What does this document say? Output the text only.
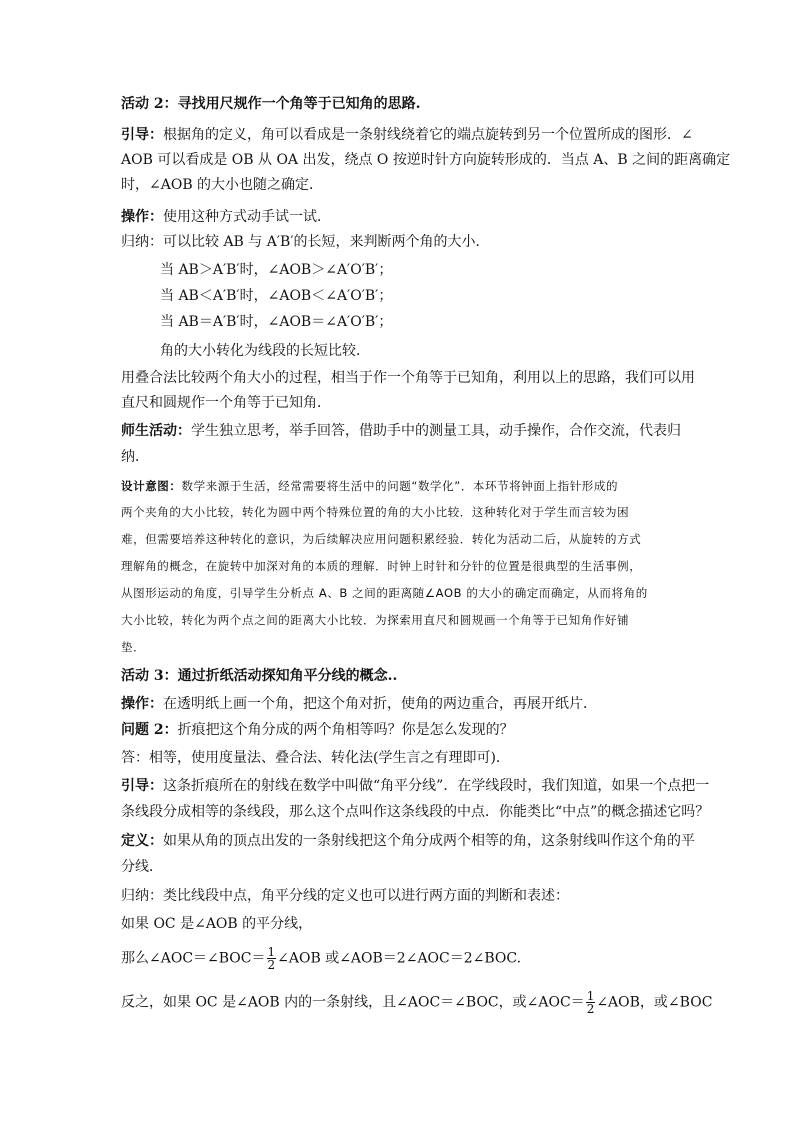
活动 2：寻找用尺规作一个角等于已知角的思路.
引导：根据角的定义，角可以看成是一条射线绕着它的端点旋转到另一个位置所成的图形．∠
AOB 可以看成是 OB 从 OA 出发，绕点 O 按逆时针方向旋转形成的．当点 A、B 之间的距离确定
时，∠AOB 的大小也随之确定．
操作：使用这种方式动手试一试．
归纳：可以比较 AB 与 A′B′的长短，来判断两个角的大小．
当 AB＞A′B′时，∠AOB＞∠A′O′B′；
当 AB＜A′B′时，∠AOB＜∠A′O′B′；
当 AB＝A′B′时，∠AOB＝∠A′O′B′；
角的大小转化为线段的长短比较．
用叠合法比较两个角大小的过程，相当于作一个角等于已知角，利用以上的思路，我们可以用
直尺和圆规作一个角等于已知角．
师生活动：学生独立思考，举手回答，借助手中的测量工具，动手操作，合作交流，代表归
纳．
设计意图：数学来源于生活，经常需要将生活中的问题“数学化”．本环节将钟面上指针形成的
两个夹角的大小比较，转化为圆中两个特殊位置的角的大小比较．这种转化对于学生而言较为困
难，但需要培养这种转化的意识，为后续解决应用问题积累经验．转化为活动二后，从旋转的方式
理解角的概念，在旋转中加深对角的本质的理解．时钟上时针和分针的位置是很典型的生活事例，
从图形运动的角度，引导学生分析点 A、B 之间的距离随∠AOB 的大小的确定而确定，从而将角的
大小比较，转化为两个点之间的距离大小比较．为探索用直尺和圆规画一个角等于已知角作好铺
垫．
活动 3：通过折纸活动探知角平分线的概念..
操作：在透明纸上画一个角，把这个角对折，使角的两边重合，再展开纸片．
问题 2：折痕把这个角分成的两个角相等吗？你是怎么发现的？
答：相等，使用度量法、叠合法、转化法(学生言之有理即可)．
引导：这条折痕所在的射线在数学中叫做“角平分线”．在学线段时，我们知道，如果一个点把一
条线段分成相等的条线段，那么这个点叫作这条线段的中点．你能类比“中点”的概念描述它吗？
定义：如果从角的顶点出发的一条射线把这个角分成两个相等的角，这条射线叫作这个角的平
分线．
归纳：类比线段中点，角平分线的定义也可以进行两方面的判断和表述：
如果 OC 是∠AOB 的平分线，
那么∠AOC＝∠BOC＝ $\frac{1}{2}$ ∠AOB 或∠AOB＝2∠AOC＝2∠BOC.
反之，如果 OC 是∠AOB 内的一条射线，且∠AOC＝∠BOC，或∠AOC＝ $\frac{1}{2}$ ∠AOB，或∠BOC
